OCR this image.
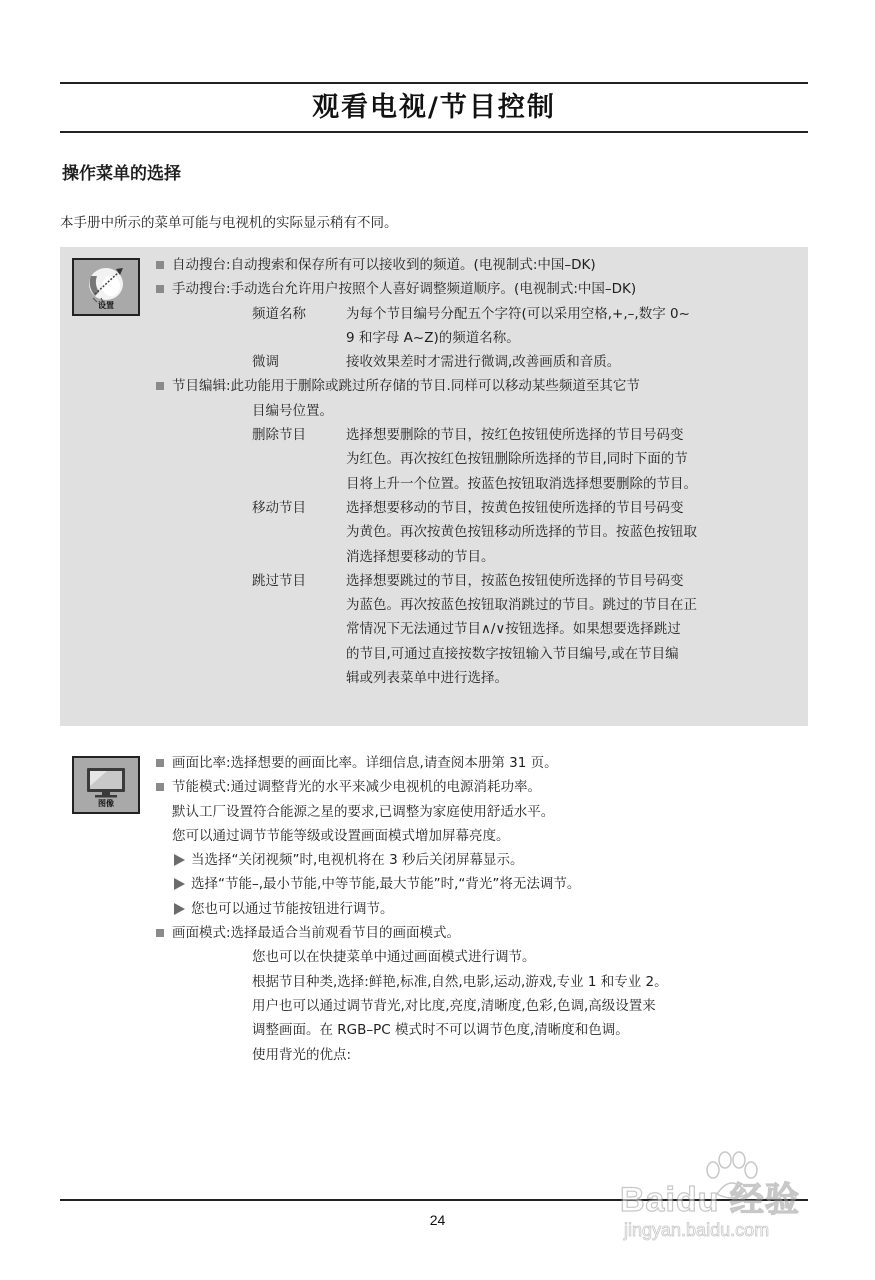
观看电视/节目控制
操作菜单的选择

本手册中所示的菜单可能与电视机的实际显示稍有不同。

设置
自动搜台: 自动搜索和保存所有可以接收到的频道。(电视制式:中国–DK)
手动搜台: 手动选台允许用户按照个人喜好调整频道顺序。(电视制式:中国–DK)
频道名称	为每个节目编号分配五个字符(可以采用空格,+,–,数字 0~
9 和字母 A~Z)的频道名称。
微调	接收效果差时才需进行微调,改善画质和音质。
节目编辑: 此功能用于删除或跳过所存储的节目.同样可以移动某些频道至其它节
目编号位置。
删除节目	选择想要删除的节目，按红色按钮使所选择的节目号码变
为红色。再次按红色按钮删除所选择的节目,同时下面的节
目将上升一个位置。按蓝色按钮取消选择想要删除的节目。
移动节目	选择想要移动的节目，按黄色按钮使所选择的节目号码变
为黄色。再次按黄色按钮移动所选择的节目。按蓝色按钮取
消选择想要移动的节目。
跳过节目	选择想要跳过的节目，按蓝色按钮使所选择的节目号码变
为蓝色。再次按蓝色按钮取消跳过的节目。跳过的节目在正
常情况下无法通过节目∧/∨按钮选择。如果想要选择跳过
的节目,可通过直接按数字按钮输入节目编号,或在节目编
辑或列表菜单中进行选择。
图像
画面比率: 选择想要的画面比率。详细信息,请查阅本册第 31 页。
节能模式: 通过调整背光的水平来减少电视机的电源消耗功率。
默认工厂设置符合能源之星的要求,已调整为家庭使用舒适水平。
您可以通过调节节能等级或设置画面模式增加屏幕亮度。
当选择“关闭视频”时,电视机将在 3 秒后关闭屏幕显示。
选择“节能–,最小节能,中等节能,最大节能”时,“背光”将无法调节。
您也可以通过节能按钮进行调节。
画面模式: 选择最适合当前观看节目的画面模式。
您也可以在快捷菜单中通过画面模式进行调节。
根据节目种类,选择:鲜艳,标准,自然,电影,运动,游戏,专业 1 和专业 2。
用户也可以通过调节背光,对比度,亮度,清晰度,色彩,色调,高级设置来
调整画面。在 RGB–PC 模式时不可以调节色度,清晰度和色调。
使用背光的优点:
24
Baidu 经验
jingyan.baidu.com
